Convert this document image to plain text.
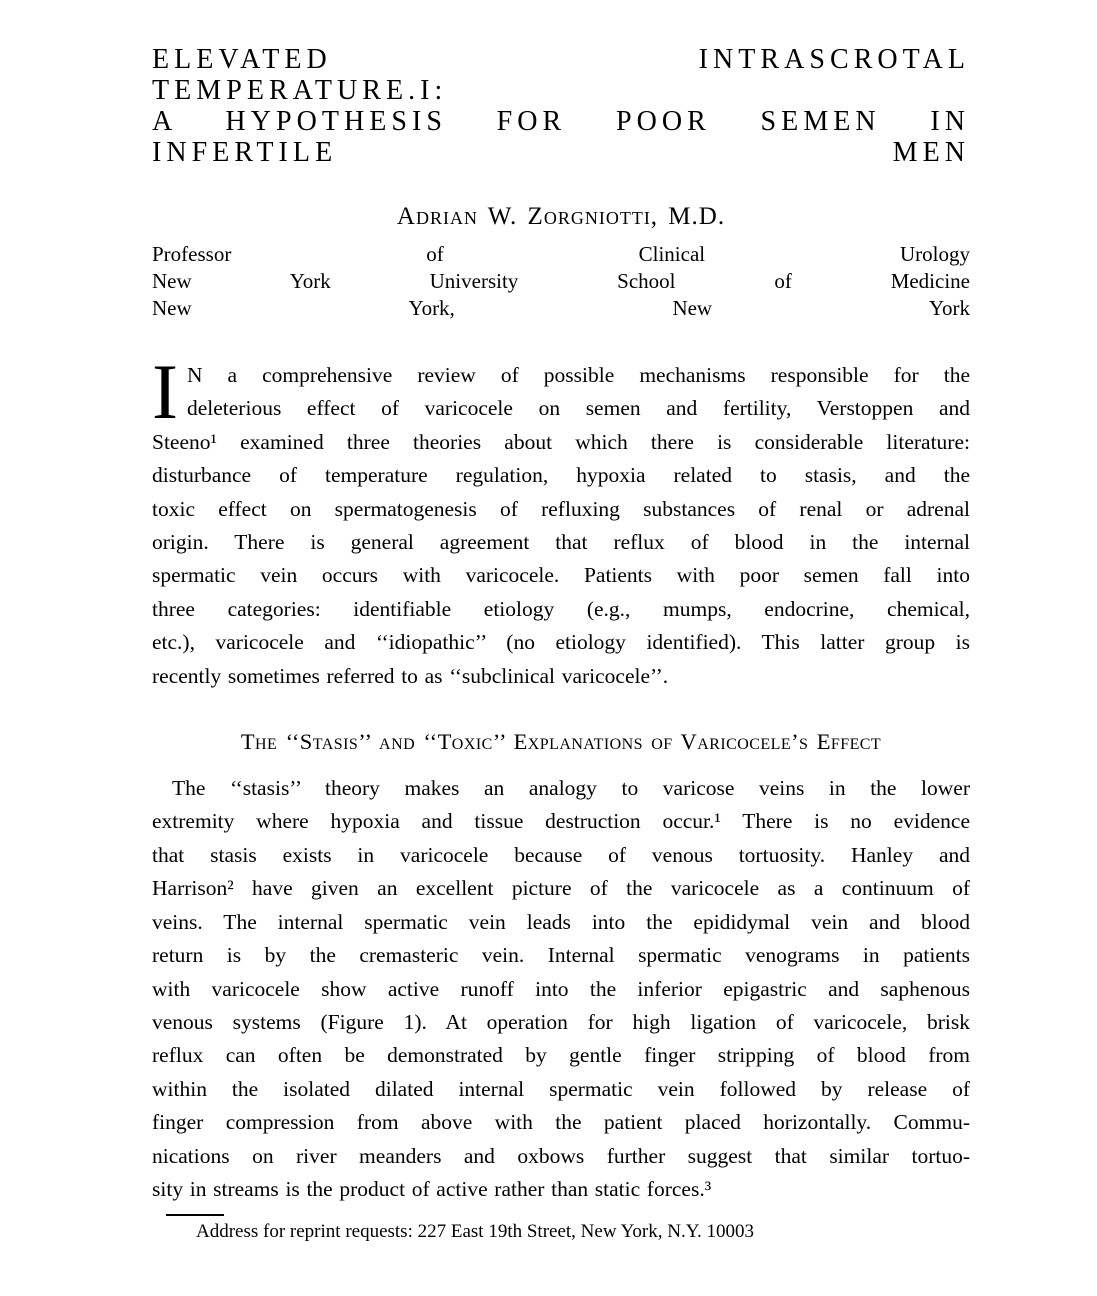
ELEVATED INTRASCROTAL
TEMPERATURE.I:
A HYPOTHESIS FOR POOR SEMEN IN
INFERTILE MEN
Adrian W. Zorgniotti, M.D.
Professor of Clinical Urology
New York University School of Medicine
New York, New York
I N a comprehensive review of possible mechanisms responsible for the
deleterious effect of varicocele on semen and fertility, Verstoppen and
Steeno¹ examined three theories about which there is considerable literature:
disturbance of temperature regulation, hypoxia related to stasis, and the
toxic effect on spermatogenesis of refluxing substances of renal or adrenal
origin. There is general agreement that reflux of blood in the internal
spermatic vein occurs with varicocele. Patients with poor semen fall into
three categories: identifiable etiology (e.g., mumps, endocrine, chemical,
etc.), varicocele and ‘‘idiopathic’’ (no etiology identified). This latter group is
recently sometimes referred to as ‘‘subclinical varicocele’’.
The ‘‘Stasis’’ and ‘‘Toxic’’ Explanations of Varicocele’s Effect
The ‘‘stasis’’ theory makes an analogy to varicose veins in the lower
extremity where hypoxia and tissue destruction occur.¹ There is no evidence
that stasis exists in varicocele because of venous tortuosity. Hanley and
Harrison² have given an excellent picture of the varicocele as a continuum of
veins. The internal spermatic vein leads into the epididymal vein and blood
return is by the cremasteric vein. Internal spermatic venograms in patients
with varicocele show active runoff into the inferior epigastric and saphenous
venous systems (Figure 1). At operation for high ligation of varicocele, brisk
reflux can often be demonstrated by gentle finger stripping of blood from
within the isolated dilated internal spermatic vein followed by release of
finger compression from above with the patient placed horizontally. Commu-
nications on river meanders and oxbows further suggest that similar tortuo-
sity in streams is the product of active rather than static forces.³
Address for reprint requests: 227 East 19th Street, New York, N.Y. 10003
